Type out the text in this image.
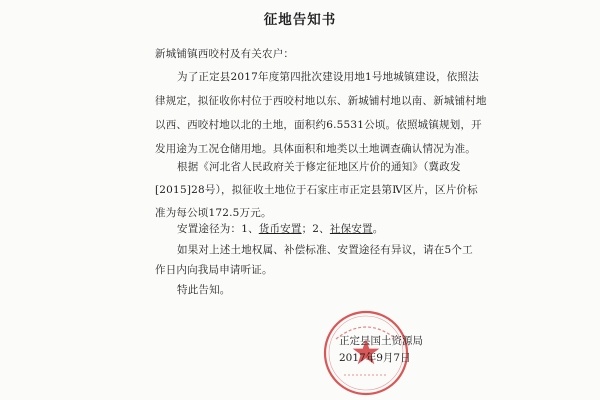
征地告知书
新城铺镇西咬村及有关农户：
为了正定县2017年度第四批次建设用地1号地城镇建设，依照法
律规定，拟征收你村位于西咬村地以东、新城铺村地以南、新城铺村地
以西、西咬村地以北的土地，面积约6.5531公顷。依照城镇规划，开
发用途为工况仓储用地。具体面积和地类以土地调查确认情况为准。
根据《河北省人民政府关于修定征地区片价的通知》（冀政发
[2015]28号），拟征收土地位于石家庄市正定县第Ⅳ区片，区片价标
准为每公顷172.5万元。
安置途径为：1、货币安置；2、社保安置。
如果对上述土地权属、补偿标准、安置途径有异议，请在5个工
作日内向我局申请听证。
特此告知。
正定县国土资源局
2017年9月7日
